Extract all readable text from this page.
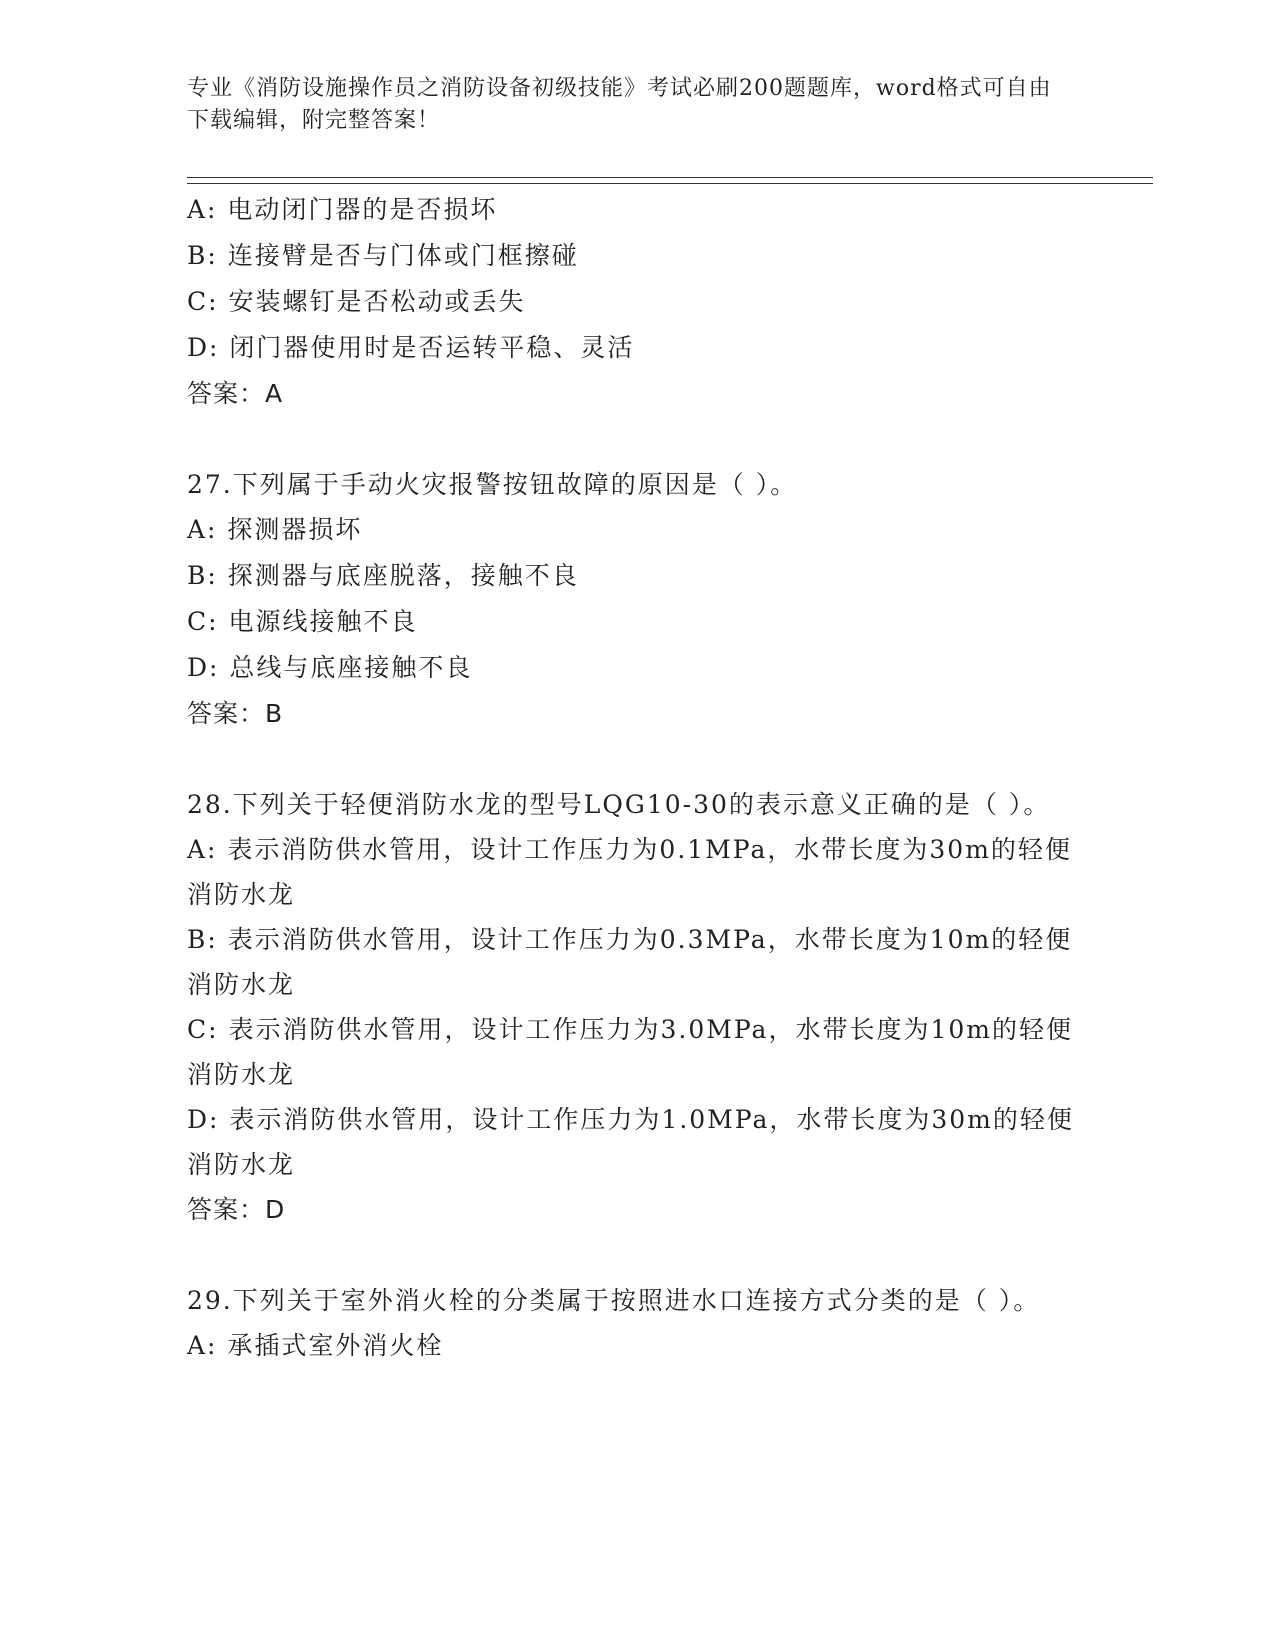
专业《消防设施操作员之消防设备初级技能》考试必刷200题题库，word格式可自由下载编辑，附完整答案！
A: 电动闭门器的是否损坏
B: 连接臂是否与门体或门框擦碰
C: 安装螺钉是否松动或丢失
D: 闭门器使用时是否运转平稳、灵活
答案：A
27.下列属于手动火灾报警按钮故障的原因是（ ）。
A: 探测器损坏
B: 探测器与底座脱落，接触不良
C: 电源线接触不良
D: 总线与底座接触不良
答案：B
28.下列关于轻便消防水龙的型号LQG10-30的表示意义正确的是（ ）。
A: 表示消防供水管用，设计工作压力为0.1MPa，水带长度为30m的轻便消防水龙
B: 表示消防供水管用，设计工作压力为0.3MPa，水带长度为10m的轻便消防水龙
C: 表示消防供水管用，设计工作压力为3.0MPa，水带长度为10m的轻便消防水龙
D: 表示消防供水管用，设计工作压力为1.0MPa，水带长度为30m的轻便消防水龙
答案：D
29.下列关于室外消火栓的分类属于按照进水口连接方式分类的是（ ）。
A: 承插式室外消火栓
